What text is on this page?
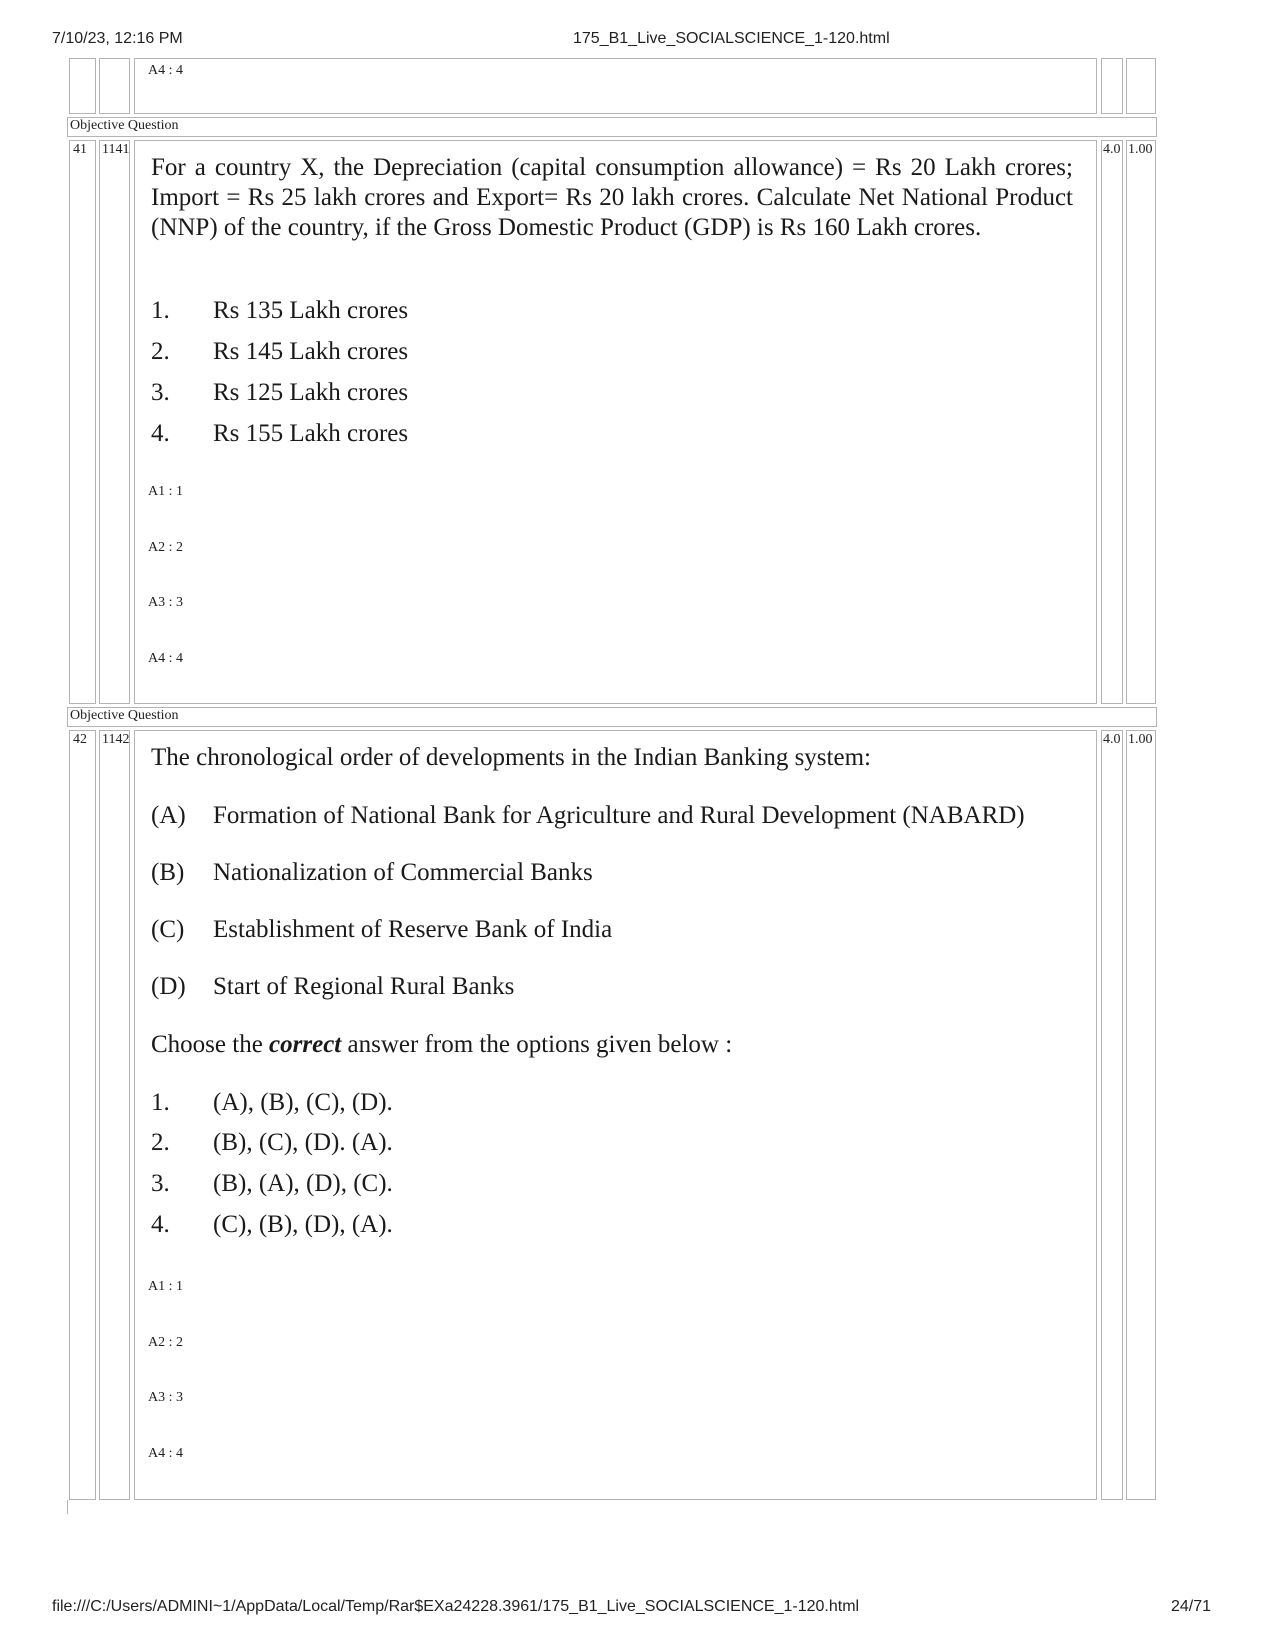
7/10/23, 12:16 PM	175_B1_Live_SOCIALSCIENCE_1-120.html
A4 : 4
Objective Question
41	1141	4.0 1.00
For a country X, the Depreciation (capital consumption allowance) = Rs 20 Lakh crores; Import = Rs 25 lakh crores and Export= Rs 20 lakh crores. Calculate Net National Product (NNP) of the country, if the Gross Domestic Product (GDP) is Rs 160 Lakh crores.
1. Rs 135 Lakh crores
2. Rs 145 Lakh crores
3. Rs 125 Lakh crores
4. Rs 155 Lakh crores
A1 : 1
A2 : 2
A3 : 3
A4 : 4
Objective Question
42	1142	4.0 1.00
The chronological order of developments in the Indian Banking system:
(A) Formation of National Bank for Agriculture and Rural Development (NABARD)
(B) Nationalization of Commercial Banks
(C) Establishment of Reserve Bank of India
(D) Start of Regional Rural Banks
Choose the correct answer from the options given below :
1. (A), (B), (C), (D).
2. (B), (C), (D). (A).
3. (B), (A), (D), (C).
4. (C), (B), (D), (A).
A1 : 1
A2 : 2
A3 : 3
A4 : 4
file:///C:/Users/ADMINI~1/AppData/Local/Temp/Rar$EXa24228.3961/175_B1_Live_SOCIALSCIENCE_1-120.html	24/71
